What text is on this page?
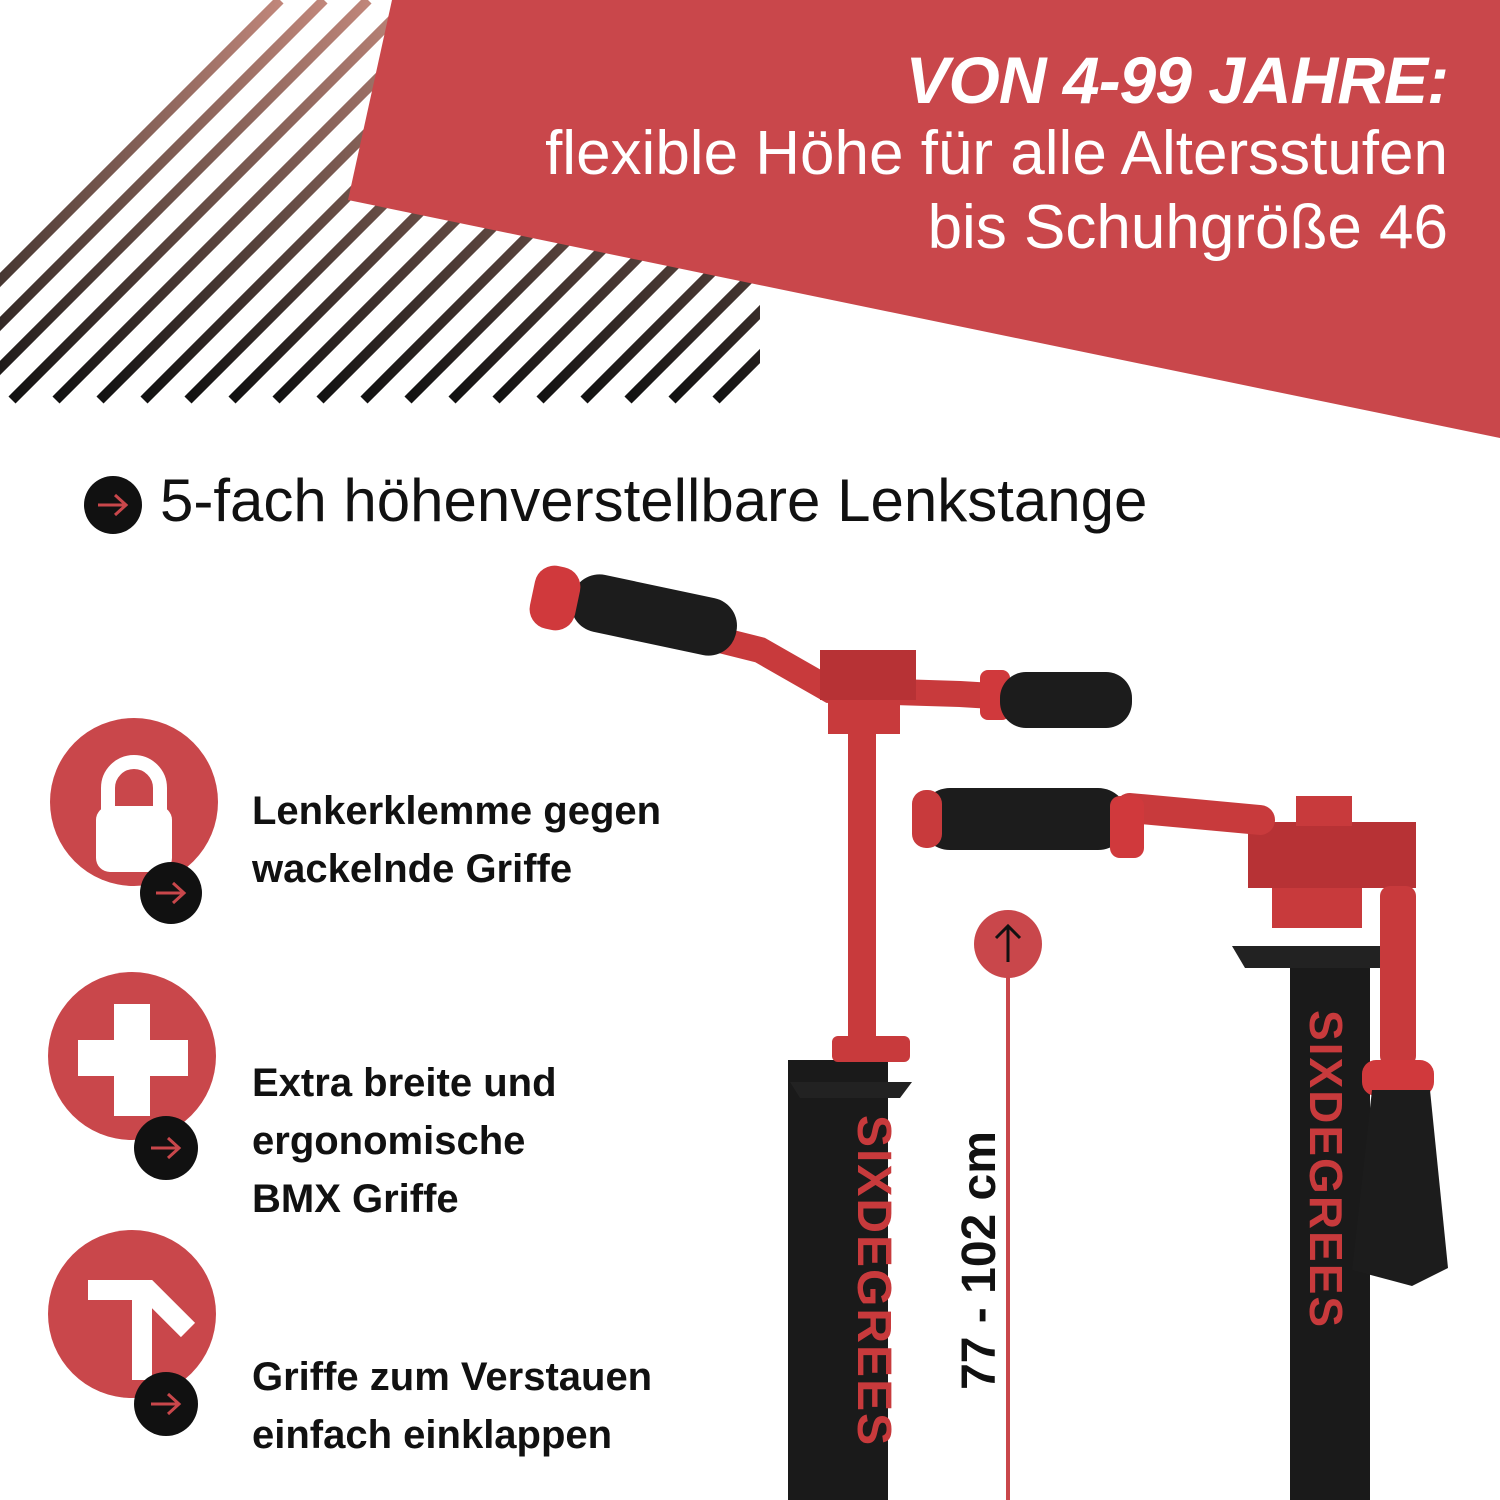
VON 4-99 JAHRE:
flexible Höhe für alle Altersstufen
bis Schuhgröße 46
5-fach höhenverstellbare Lenkstange
SIXDEGREES	SIXDEGREES
77 - 102 cm
Lenkerklemme gegen
wackelnde Griffe
Extra breite und
ergonomische
BMX Griffe
Griffe zum Verstauen
einfach einklappen
